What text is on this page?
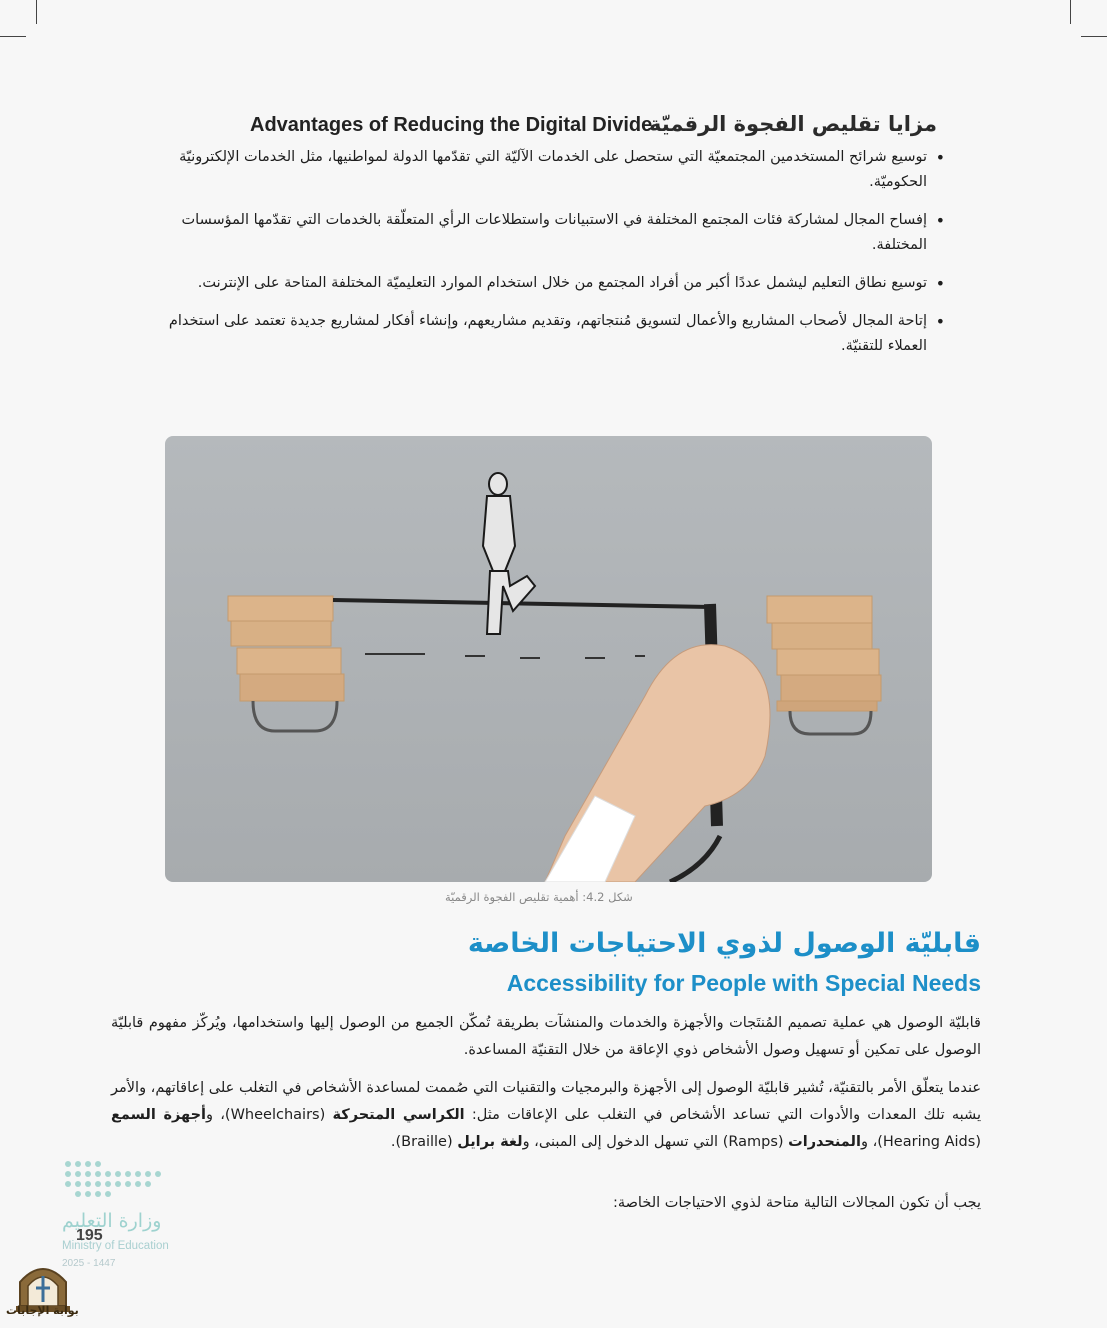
مزايا تقليص الفجوة الرقميّة
Advantages of Reducing the Digital Divide
• توسيع شرائح المستخدمين المجتمعيّة التي ستحصل على الخدمات الآليّة التي تقدّمها الدولة لمواطنيها، مثل الخدمات الإلكترونيّة الحكوميّة.
• إفساح المجال لمشاركة فئات المجتمع المختلفة في الاستبيانات واستطلاعات الرأي المتعلّقة بالخدمات التي تقدّمها المؤسسات المختلفة.
• توسيع نطاق التعليم ليشمل عددًا أكبر من أفراد المجتمع من خلال استخدام الموارد التعليميّة المختلفة المتاحة على الإنترنت.
• إتاحة المجال لأصحاب المشاريع والأعمال لتسويق مُنتجاتهم، وتقديم مشاريعهم، وإنشاء أفكار لمشاريع جديدة تعتمد على استخدام العملاء للتقنيّة.
شكل 4.2: أهمية تقليص الفجوة الرقميّة
قابليّة الوصول لذوي الاحتياجات الخاصة
Accessibility for People with Special Needs

قابليّة الوصول هي عملية تصميم المُنتَجات والأجهزة والخدمات والمنشآت بطريقة تُمكّن الجميع من الوصول إليها واستخدامها، ويُركّز مفهوم قابليّة الوصول على تمكين أو تسهيل وصول الأشخاص ذوي الإعاقة من خلال التقنيّة المساعدة.

عندما يتعلّق الأمر بالتقنيّة، تُشير قابليّة الوصول إلى الأجهزة والبرمجيات والتقنيات التي صُممت لمساعدة الأشخاص في التغلب على إعاقاتهم، والأمر يشبه تلك المعدات والأدوات التي تساعد الأشخاص في التغلب على الإعاقات مثل: الكراسي المتحركة (Wheelchairs)، وأجهزة السمع (Hearing Aids)، والمنحدرات (Ramps) التي تسهل الدخول إلى المبنى، ولغة برايل (Braille).

يجب أن تكون المجالات التالية متاحة لذوي الاحتياجات الخاصة:

وزارة التعليم
195
Ministry of Education
2025 - 1447
بوابة الإجابات
